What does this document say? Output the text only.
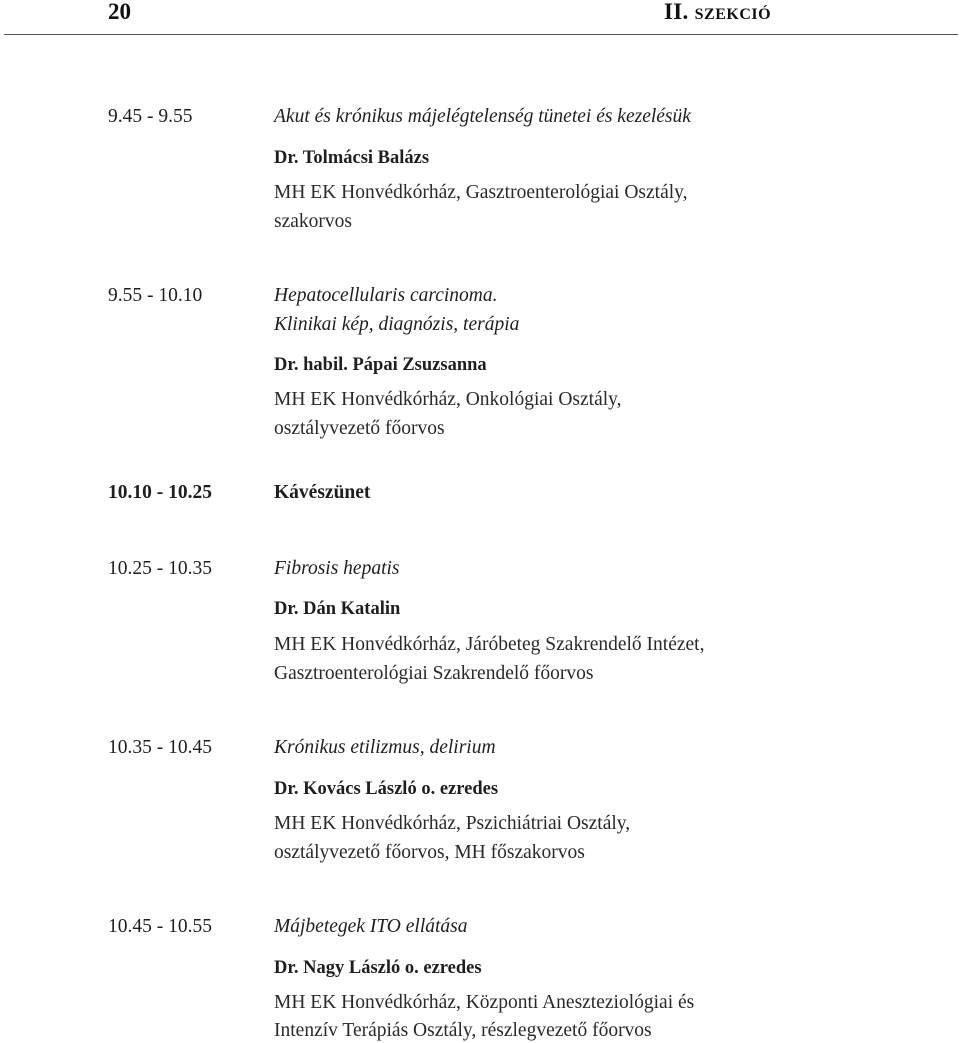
20	II. SZEKCIÓ
9.45 - 9.55	Akut és krónikus májelégtelenség tünetei és kezelésük
Dr. Tolmácsi Balázs
MH EK Honvédkórház, Gasztroenterológiai Osztály,
szakorvos
9.55 - 10.10	Hepatocellularis carcinoma.
Klinikai kép, diagnózis, terápia
Dr. habil. Pápai Zsuzsanna
MH EK Honvédkórház, Onkológiai Osztály,
osztályvezető főorvos
10.10 - 10.25	Kávészünet
10.25 - 10.35	Fibrosis hepatis
Dr. Dán Katalin
MH EK Honvédkórház, Járóbeteg Szakrendelő Intézet,
Gasztroenterológiai Szakrendelő főorvos
10.35 - 10.45	Krónikus etilizmus, delirium
Dr. Kovács László o. ezredes
MH EK Honvédkórház, Pszichiátriai Osztály,
osztályvezető főorvos, MH főszakorvos
10.45 - 10.55	Májbetegek ITO ellátása
Dr. Nagy László o. ezredes
MH EK Honvédkórház, Központi Aneszteziológiai és
Intenzív Terápiás Osztály, részlegvezető főorvos
